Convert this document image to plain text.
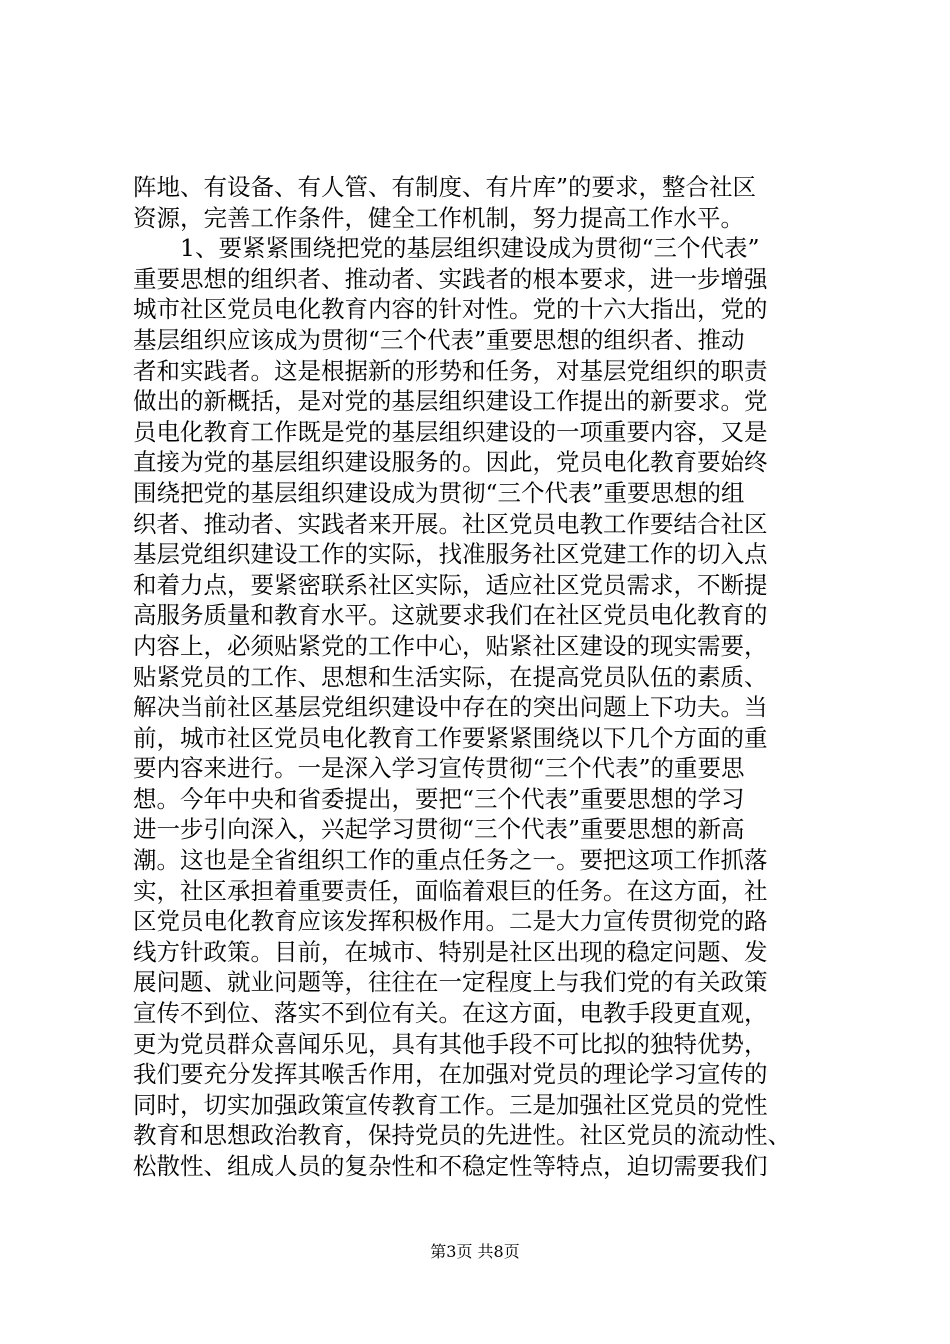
阵地、有设备、有人管、有制度、有片库”的要求，整合社区
资源，完善工作条件，健全工作机制，努力提高工作水平。
　　1、要紧紧围绕把党的基层组织建设成为贯彻“三个代表”
重要思想的组织者、推动者、实践者的根本要求，进一步增强
城市社区党员电化教育内容的针对性。党的十六大指出，党的
基层组织应该成为贯彻“三个代表”重要思想的组织者、推动
者和实践者。这是根据新的形势和任务，对基层党组织的职责
做出的新概括，是对党的基层组织建设工作提出的新要求。党
员电化教育工作既是党的基层组织建设的一项重要内容，又是
直接为党的基层组织建设服务的。因此，党员电化教育要始终
围绕把党的基层组织建设成为贯彻“三个代表”重要思想的组
织者、推动者、实践者来开展。社区党员电教工作要结合社区
基层党组织建设工作的实际，找准服务社区党建工作的切入点
和着力点，要紧密联系社区实际，适应社区党员需求，不断提
高服务质量和教育水平。这就要求我们在社区党员电化教育的
内容上，必须贴紧党的工作中心，贴紧社区建设的现实需要，
贴紧党员的工作、思想和生活实际，在提高党员队伍的素质、
解决当前社区基层党组织建设中存在的突出问题上下功夫。当
前，城市社区党员电化教育工作要紧紧围绕以下几个方面的重
要内容来进行。一是深入学习宣传贯彻“三个代表”的重要思
想。今年中央和省委提出，要把“三个代表”重要思想的学习
进一步引向深入，兴起学习贯彻“三个代表”重要思想的新高
潮。这也是全省组织工作的重点任务之一。要把这项工作抓落
实，社区承担着重要责任，面临着艰巨的任务。在这方面，社
区党员电化教育应该发挥积极作用。二是大力宣传贯彻党的路
线方针政策。目前，在城市、特别是社区出现的稳定问题、发
展问题、就业问题等，往往在一定程度上与我们党的有关政策
宣传不到位、落实不到位有关。在这方面，电教手段更直观，
更为党员群众喜闻乐见，具有其他手段不可比拟的独特优势，
我们要充分发挥其喉舌作用，在加强对党员的理论学习宣传的
同时，切实加强政策宣传教育工作。三是加强社区党员的党性
教育和思想政治教育，保持党员的先进性。社区党员的流动性、
松散性、组成人员的复杂性和不稳定性等特点，迫切需要我们
第3页 共8页
